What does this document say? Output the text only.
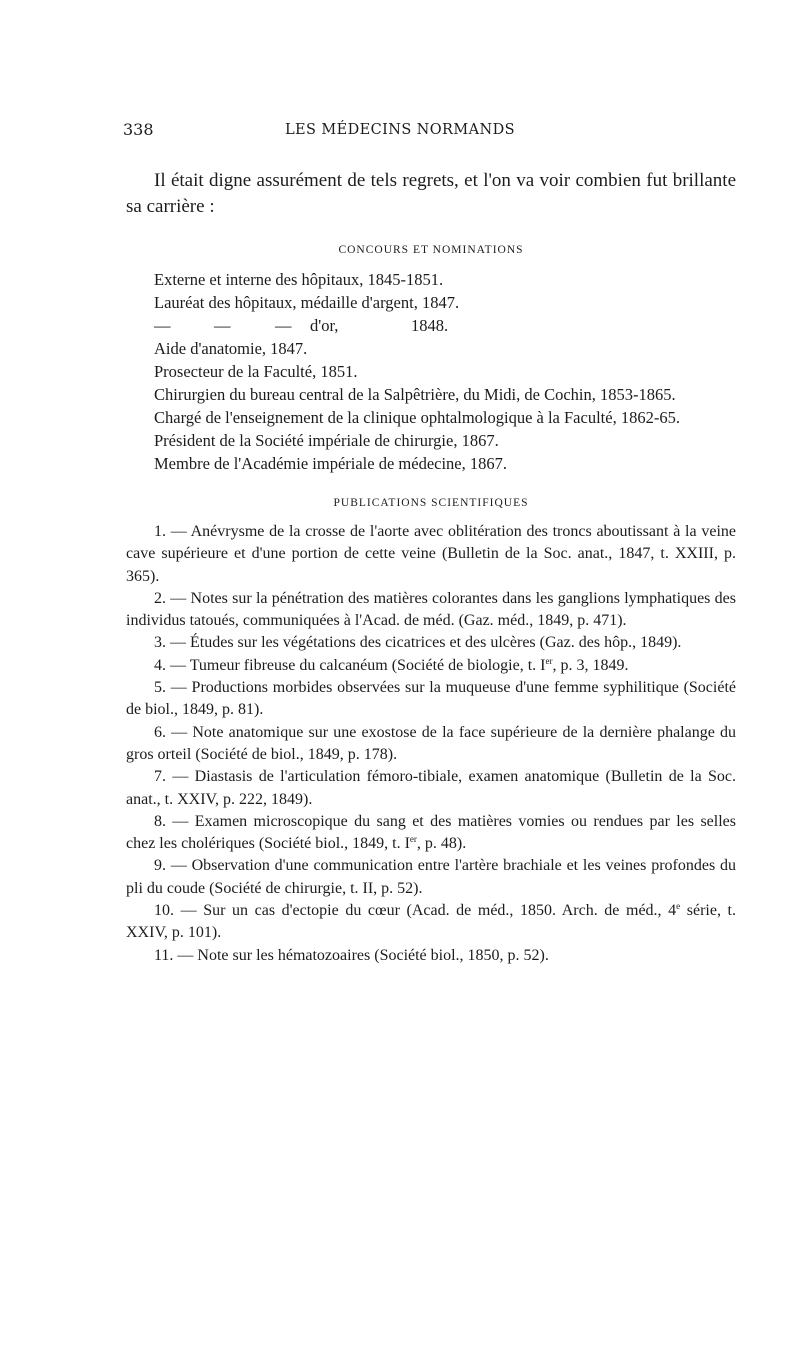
338	LES MÉDECINS NORMANDS

Il était digne assurément de tels regrets, et l'on va voir combien fut brillante sa carrière :

CONCOURS ET NOMINATIONS

Externe et interne des hôpitaux, 1845-1851.

Lauréat des hôpitaux, médaille d'argent, 1847.

—	—	— d'or,	1848.

Aide d'anatomie, 1847.

Prosecteur de la Faculté, 1851.

Chirurgien du bureau central de la Salpêtrière, du Midi, de Cochin, 1853-1865.

Chargé de l'enseignement de la clinique ophtalmologique à la Faculté, 1862-65.

Président de la Société impériale de chirurgie, 1867.

Membre de l'Académie impériale de médecine, 1867.

PUBLICATIONS SCIENTIFIQUES

1. — Anévrysme de la crosse de l'aorte avec oblitération des troncs aboutissant à la veine cave supérieure et d'une portion de cette veine (Bulletin de la Soc. anat., 1847, t. XXIII, p. 365).

2. — Notes sur la pénétration des matières colorantes dans les ganglions lymphatiques des individus tatoués, communiquées à l'Acad. de méd. (Gaz. méd., 1849, p. 471).

3. — Études sur les végétations des cicatrices et des ulcères (Gaz. des hôp., 1849).

4. — Tumeur fibreuse du calcanéum (Société de biologie, t. Ier, p. 3, 1849.

5. — Productions morbides observées sur la muqueuse d'une femme syphilitique (Société de biol., 1849, p. 81).

6. — Note anatomique sur une exostose de la face supérieure de la dernière phalange du gros orteil (Société de biol., 1849, p. 178).

7. — Diastasis de l'articulation fémoro-tibiale, examen anatomique (Bulletin de la Soc. anat., t. XXIV, p. 222, 1849).

8. — Examen microscopique du sang et des matières vomies ou rendues par les selles chez les cholériques (Société biol., 1849, t. Ier, p. 48).

9. — Observation d'une communication entre l'artère brachiale et les veines profondes du pli du coude (Société de chirurgie, t. II, p. 52).

10. — Sur un cas d'ectopie du cœur (Acad. de méd., 1850. Arch. de méd., 4e série, t. XXIV, p. 101).

11. — Note sur les hématozoaires (Société biol., 1850, p. 52).
